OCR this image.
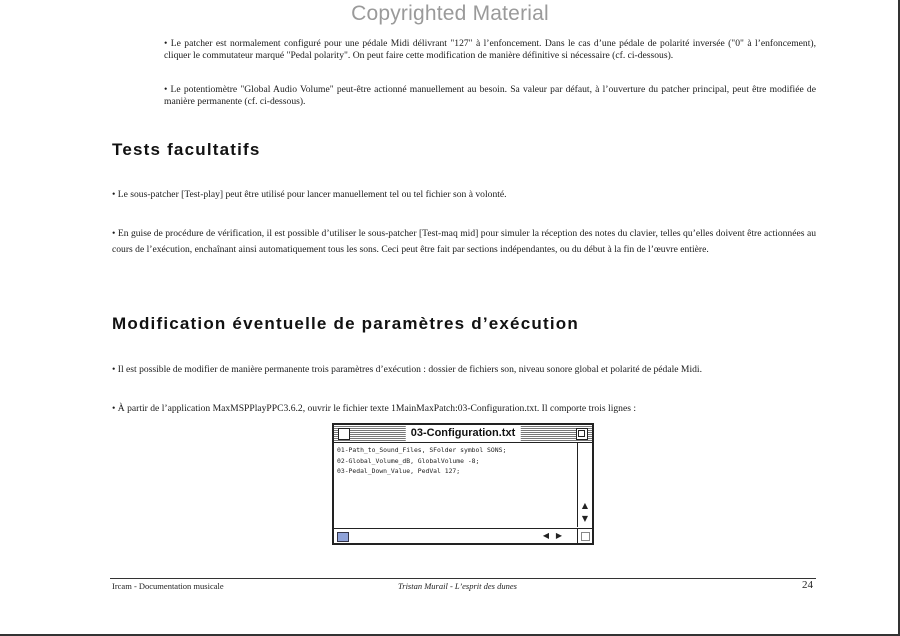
Copyrighted Material
• Le patcher est normalement configuré pour une pédale Midi délivrant "127" à l’enfoncement. Dans le cas d’une pédale de polarité inversée ("0" à l’enfoncement), cliquer le commutateur marqué "Pedal polarity". On peut faire cette modification de manière définitive si nécessaire (cf. ci-dessous).
• Le potentiomètre "Global Audio Volume" peut-être actionné manuellement au besoin. Sa valeur par défaut, à l’ouverture du patcher principal, peut être modifiée de manière permanente (cf. ci-dessous).
Tests facultatifs
• Le sous-patcher [Test-play] peut être utilisé pour lancer manuellement tel ou tel fichier son à volonté.
• En guise de procédure de vérification, il est possible d’utiliser le sous-patcher [Test-maq mid] pour simuler la réception des notes du clavier, telles qu’elles doivent être actionnées au cours de l’exécution, enchaînant ainsi automatiquement tous les sons. Ceci peut être fait par sections indépendantes, ou du début à la fin de l’œuvre entière.
Modification éventuelle de paramètres d’exécution
• Il est possible de modifier de manière permanente trois paramètres d’exécution : dossier de fichiers son, niveau sonore global et polarité de pédale Midi.
• À partir de l’application MaxMSPPlayPPC3.6.2, ouvrir le fichier texte 1MainMaxPatch:03-Configuration.txt. Il comporte trois lignes :
03-Configuration.txt
01-Path_to_Sound_Files, SFolder symbol SONS;
02-Global_Volume_dB, GlobalVolume -8;
03-Pedal_Down_Value, PedVal 127;
▲
▼
◀ ▶
Ircam - Documentation musicale	Tristan Murail - L’esprit des dunes	24
